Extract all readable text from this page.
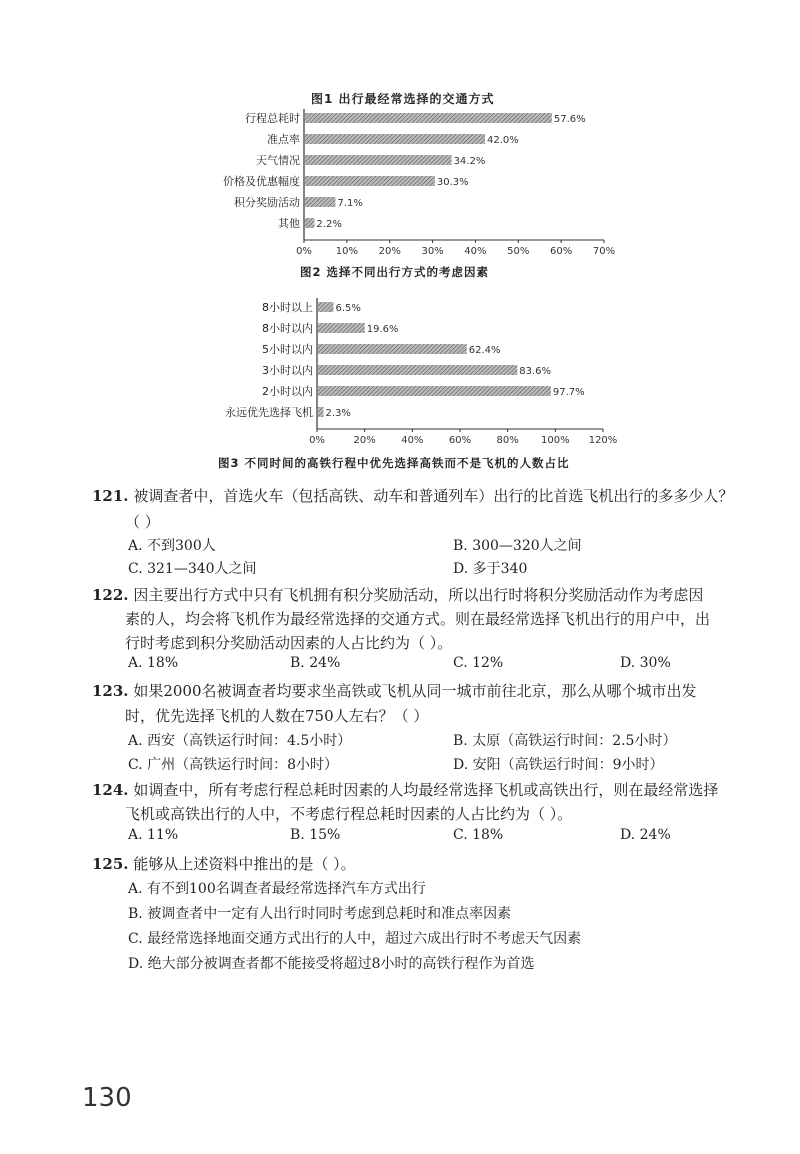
图1 出行最经常选择的交通方式
行程总耗时	57.6%
准点率	42.0%
天气情况	34.2%
价格及优惠幅度	30.3%
积分奖励活动	7.1%
其他 2.2%
0% 10% 20% 30% 40% 50% 60% 70%
图2 选择不同出行方式的考虑因素
8小时以上 6.5%
8小时以内	19.6%
5小时以内	62.4%
3小时以内	83.6%
2小时以内	97.7%
永远优先选择飞机 2.3%
0%	20%	40%	60%	80% 100% 120%
图3 不同时间的高铁行程中优先选择高铁而不是飞机的人数占比
121. 被调查者中，首选火车（包括高铁、动车和普通列车）出行的比首选飞机出行的多多少人？
（ ）
A. 不到300人	B. 300—320人之间
C. 321—340人之间	D. 多于340
122. 因主要出行方式中只有飞机拥有积分奖励活动，所以出行时将积分奖励活动作为考虑因
素的人，均会将飞机作为最经常选择的交通方式。则在最经常选择飞机出行的用户中，出
行时考虑到积分奖励活动因素的人占比约为（ ）。
A. 18%	B. 24%	C. 12%	D. 30%
123. 如果2000名被调查者均要求坐高铁或飞机从同一城市前往北京，那么从哪个城市出发
时，优先选择飞机的人数在750人左右？（ ）
A. 西安（高铁运行时间：4.5小时）	B. 太原（高铁运行时间：2.5小时）
C. 广州（高铁运行时间：8小时）	D. 安阳（高铁运行时间：9小时）
124. 如调查中，所有考虑行程总耗时因素的人均最经常选择飞机或高铁出行，则在最经常选择
飞机或高铁出行的人中，不考虑行程总耗时因素的人占比约为（ ）。
A. 11%	B. 15%	C. 18%	D. 24%
125. 能够从上述资料中推出的是（ ）。
A. 有不到100名调查者最经常选择汽车方式出行
B. 被调查者中一定有人出行时同时考虑到总耗时和准点率因素
C. 最经常选择地面交通方式出行的人中，超过六成出行时不考虑天气因素
D. 绝大部分被调查者都不能接受将超过8小时的高铁行程作为首选
130
